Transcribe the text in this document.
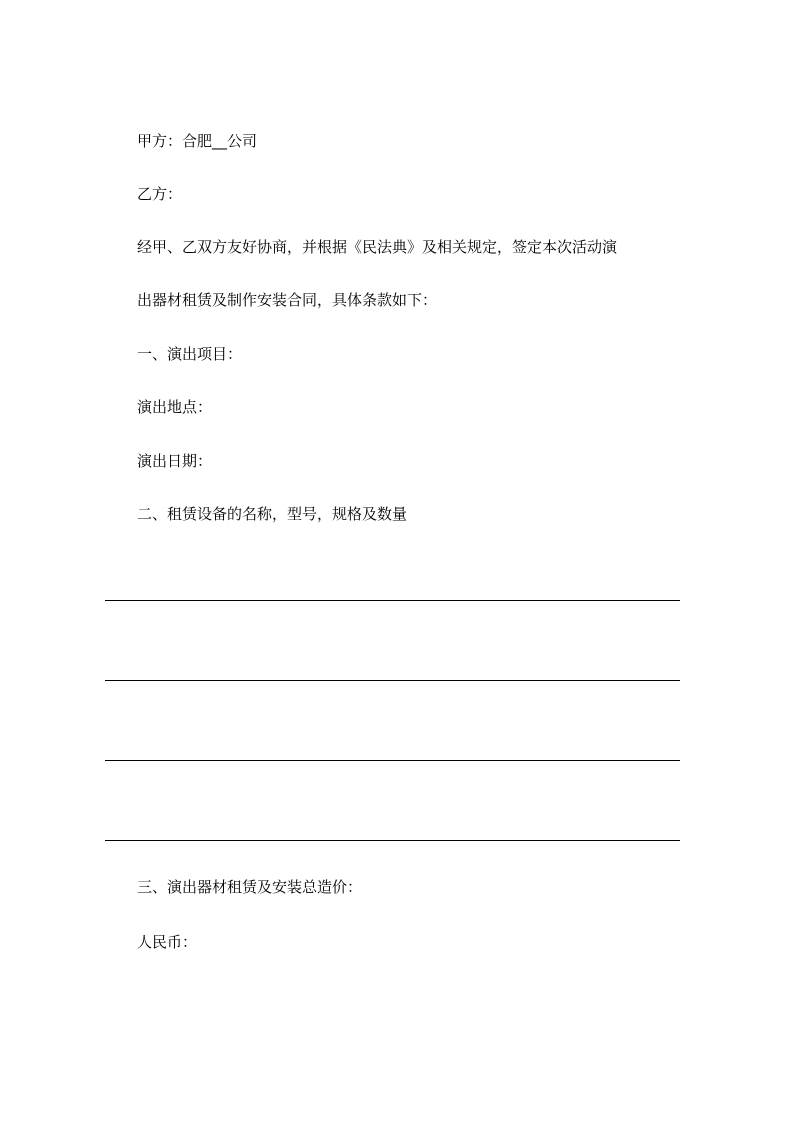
甲方：合肥__公司
乙方：
经甲、乙双方友好协商，并根据《民法典》及相关规定，签定本次活动演
出器材租赁及制作安装合同，具体条款如下：
一、演出项目：
演出地点：
演出日期：
二、租赁设备的名称，型号，规格及数量
三、演出器材租赁及安装总造价：
人民币：
